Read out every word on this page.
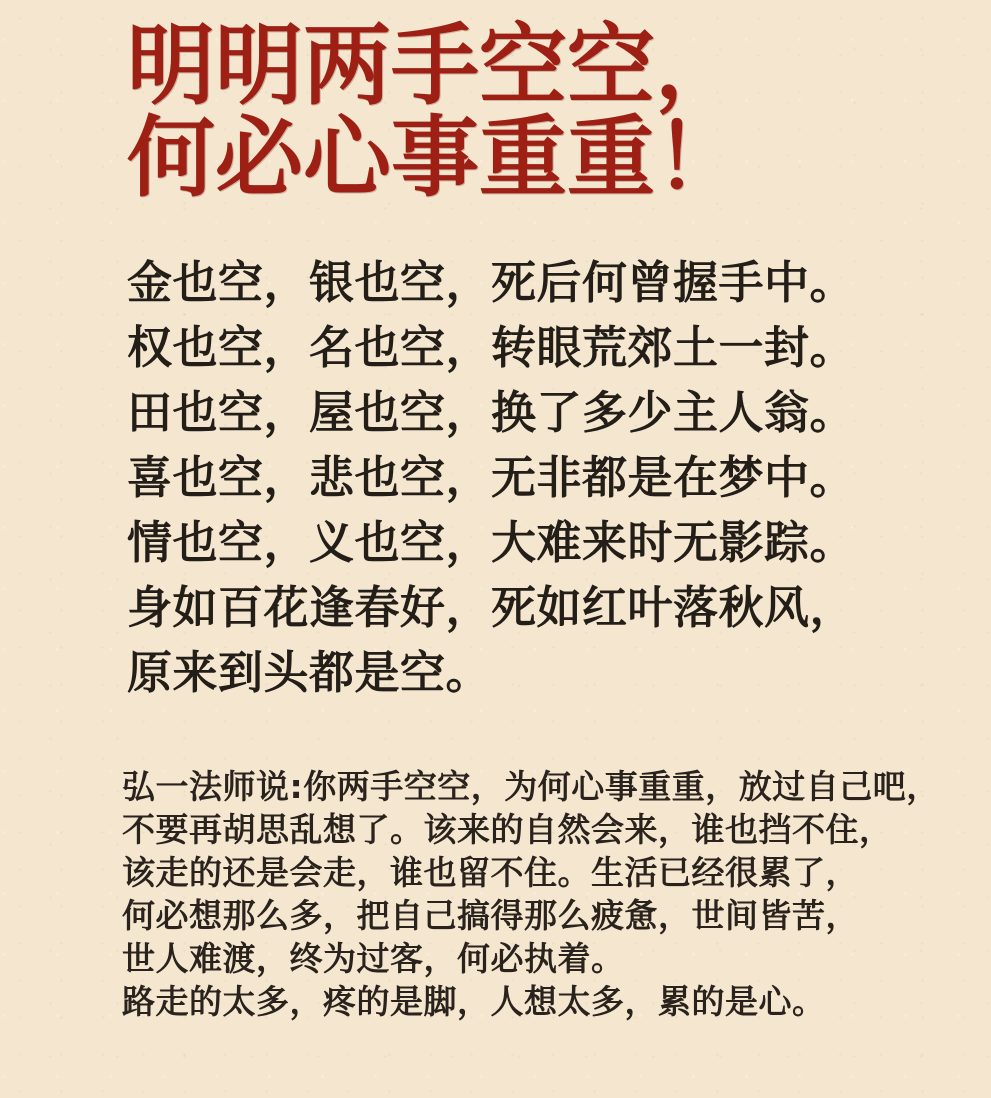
明明两手空空，
何必心事重重！
金也空，银也空，死后何曾握手中。
权也空，名也空，转眼荒郊土一封。
田也空，屋也空，换了多少主人翁。
喜也空，悲也空，无非都是在梦中。
情也空，义也空，大难来时无影踪。
身如百花逢春好，死如红叶落秋风，
原来到头都是空。
弘一法师说:你两手空空，为何心事重重，放过自己吧，
不要再胡思乱想了。该来的自然会来，谁也挡不住，
该走的还是会走，谁也留不住。生活已经很累了，
何必想那么多，把自己搞得那么疲惫，世间皆苦，
世人难渡，终为过客，何必执着。
路走的太多，疼的是脚，人想太多，累的是心。
